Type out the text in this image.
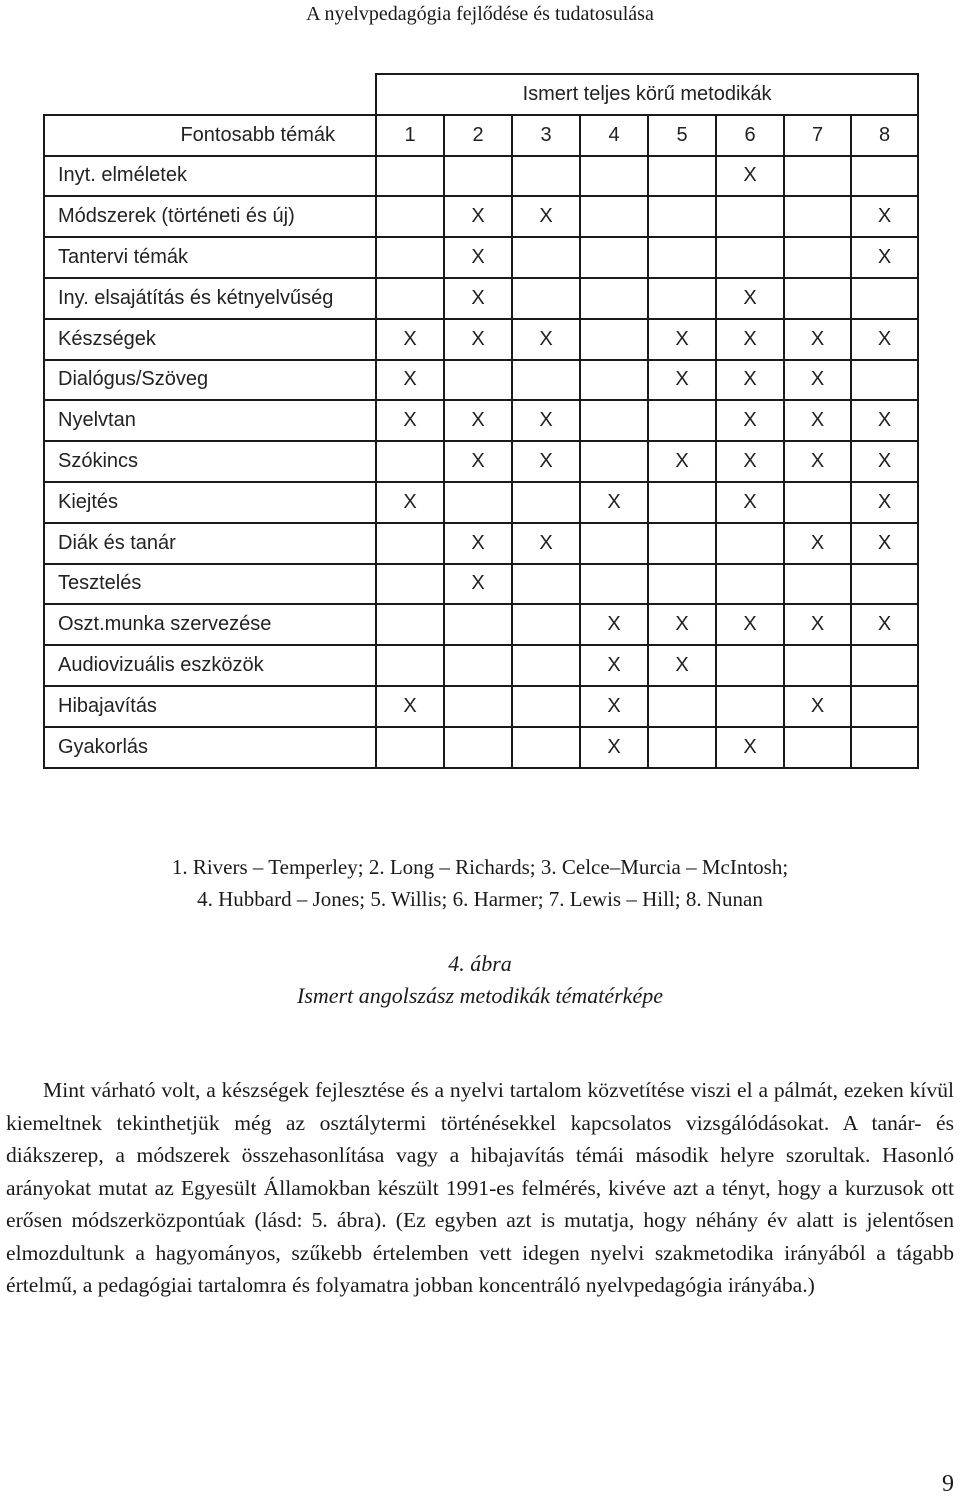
A nyelvpedagógia fejlődése és tudatosulása
	Ismert teljes körű metodikák							
Fontosabb témák	1	2	3	4	5	6	7	8
Inyt. elméletek						X		
Módszerek (történeti és új)		X	X					X
Tantervi témák		X						X
Iny. elsajátítás és kétnyelvűség		X				X		
Készségek	X	X	X		X	X	X	X
Dialógus/Szöveg	X				X	X	X	
Nyelvtan	X	X	X			X	X	X
Szókincs		X	X		X	X	X	X
Kiejtés	X			X		X		X
Diák és tanár		X	X				X	X
Tesztelés		X						
Oszt.munka szervezése				X	X	X	X	X
Audiovizuális eszközök				X	X			
Hibajavítás	X			X			X	
Gyakorlás				X		X		
1. Rivers – Temperley; 2. Long – Richards; 3. Celce–Murcia – McIntosh;
4. Hubbard – Jones; 5. Willis; 6. Harmer; 7. Lewis – Hill; 8. Nunan
4. ábra
Ismert angolszász metodikák tématérképe
Mint várható volt, a készségek fejlesztése és a nyelvi tartalom közvetítése viszi el a pálmát, ezeken kívül kiemeltnek tekinthetjük még az osztálytermi történésekkel kapcsolatos vizsgálódásokat. A tanár- és diákszerep, a módszerek összehasonlítása vagy a hibajavítás témái második helyre szorultak. Hasonló arányokat mutat az Egyesült Államokban készült 1991-es felmérés, kivéve azt a tényt, hogy a kurzusok ott erősen módszerközpontúak (lásd: 5. ábra). (Ez egyben azt is mutatja, hogy néhány év alatt is jelentősen elmozdultunk a hagyományos, szűkebb értelemben vett idegen nyelvi szakmetodika irányából a tágabb értelmű, a pedagógiai tartalomra és folyamatra jobban koncentráló nyelvpedagógia irányába.)
9
